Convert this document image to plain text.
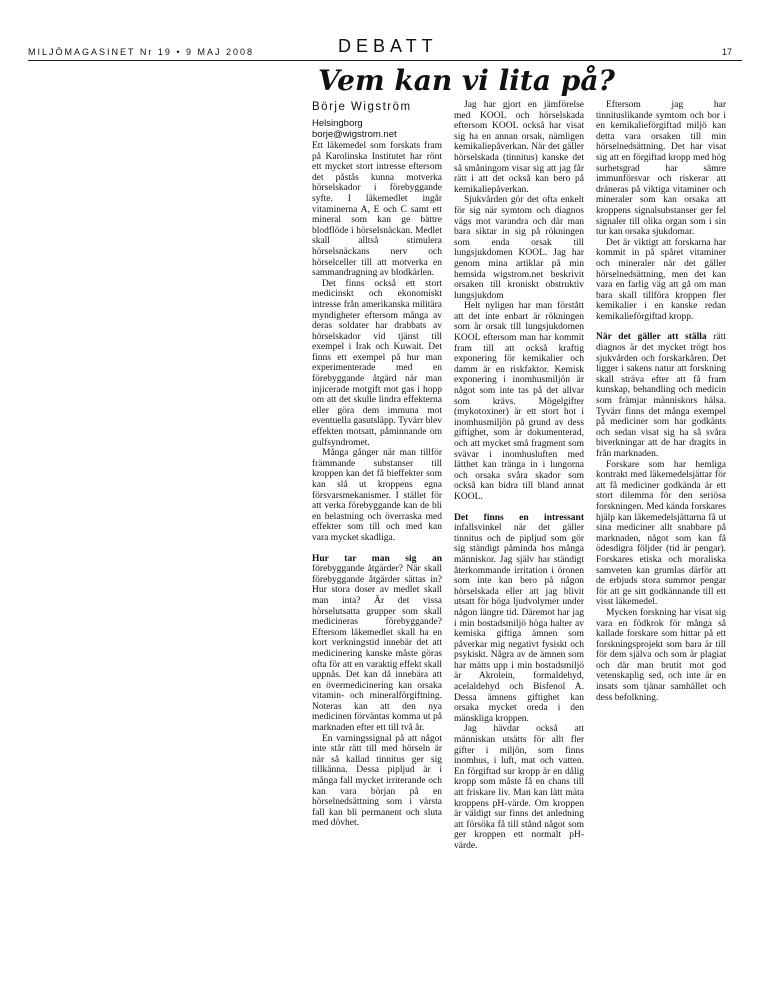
MILJÖMAGASINET Nr 19 • 9 MAJ 2008	DEBATT	17
Vem kan vi lita på?
Börje Wigström
Helsingborg
borje@wigstrom.net

Ett läkemedel som forskats fram på Karolinska Institutet har rönt ett mycket stort intresse eftersom det påstås kunna motverka hörselskador i förebyggande syfte. I läkemedlet ingår vitaminerna A, E och C samt ett mineral som kan ge bättre blodflöde i hörselsnäckan. Medlet skall alltså stimulera hörselsnäckans nerv och hörselceller till att motverka en sammandragning av blodkärlen.

Det finns också ett stort medicinskt och ekonomiskt intresse från amerikanska militära myndigheter eftersom många av deras soldater har drabbats av hörselskador vid tjänst till exempel i Irak och Kuwait. Det finns ett exempel på hur man experimenterade med en förebyggande åtgärd när man injicerade motgift mot gas i hopp om att det skulle lindra effekterna eller göra dem immuna mot eventuella gasutsläpp. Tyvärr blev effekten motsatt, påminnande om gulfsyndromet.

Många gånger när man tillför främmande substanser till kroppen kan det få bieffekter som kan slå ut kroppens egna försvarsmekanismer. I stället för att verka förebyggande kan de bli en belastning och överraska med effekter som till och med kan vara mycket skadliga.

Hur tar man sig an förebyggande åtgärder? När skall förebyggande åtgärder sättas in? Hur stora doser av medlet skall man inta? Är det vissa hörselutsatta grupper som skall medicineras förebyggande? Eftersom läkemedlet skall ha en kort verkningstid innebär det att medicinering kanske måste göras ofta för att en varaktig effekt skall uppnås. Det kan då innebära att en övermedicinering kan orsaka vitamin- och mineralförgiftning. Noteras kan att den nya medicinen förväntas komma ut på marknaden efter ett till två år.

En varningssignal på att något inte står rätt till med hörseln är när så kallad tinnitus ger sig tillkänna. Dessa pipljud är i många fall mycket irriterande och kan vara början på en hörselnedsättning som i värsta fall kan bli permanent och sluta med dövhet.

Jag har gjort en jämförelse med KOOL och hörselskada eftersom KOOL också har visat sig ha en annan orsak, nämligen kemikaliepåverkan. När det gäller hörselskada (tinnitus) kanske det så småningom visar sig att jag får rätt i att det också kan bero på kemikaliepåverkan.

Sjukvården gör det ofta enkelt för sig när symtom och diagnos vägs mot varandra och där man bara siktar in sig på rökningen som enda orsak till lungsjukdomen KOOL. Jag har genom mina artiklar på min hemsida wigstrom.net beskrivit orsaken till kroniskt obstruktiv lungsjukdom

Helt nyligen har man förstått att det inte enbart är rökningen som är orsak till lungsjukdomen KOOL eftersom man har kommit fram till att också kraftig exponering för kemikalier och damm är en riskfaktor. Kemisk exponering i inomhusmiljön är något som inte tas på det allvar som krävs. Mögelgifter (mykotoxiner) är ett stort hot i inomhusmiljön på grund av dess giftighet, som är dokumenterad, och att mycket små fragment som svävar i inomhusluften med lätthet kan tränga in i lungorna och orsaka svåra skador som också kan bidra till bland annat KOOL.

Det finns en intressant infallsvinkel när det gäller tinnitus och de pipljud som gör sig ständigt påminda hos många människor. Jag själv har ständigt återkommande irritation i öronen som inte kan bero på någon hörselskada eller att jag blivit utsatt för höga ljudvolymer under någon längre tid. Däremot har jag i min bostadsmiljö höga halter av kemiska giftiga ämnen som påverkar mig negativt fysiskt och psykiskt. Några av de ämnen som har mätts upp i min bostadsmiljö är Akrolein, formaldehyd, acelaldehyd och Bisfenol A. Dessa ämnens giftighet kan orsaka mycket oreda i den mänskliga kroppen.

Jag hävdar också att människan utsätts för allt fler gifter i miljön, som finns inomhus, i luft, mat och vatten. En förgiftad sur kropp är en dålig kropp som måste få en chans till att friskare liv. Man kan lätt mäta kroppens pH-värde. Om kroppen är väldigt sur finns det anledning att försöka få till stånd något som ger kroppen ett normalt pH-värde.

Eftersom jag har tinnituslikande symtom och bor i en kemikalieförgiftad miljö kan detta vara orsaken till min hörselnedsättning. Det har visat sig att en förgiftad kropp med hög surhetsgrad har sämre immunförsvar och riskerar att dräneras på viktiga vitaminer och mineraler som kan orsaka att kroppens signalsubstanser ger fel signaler till olika organ som i sin tur kan orsaka sjukdomar.

Det är viktigt att forskarna har kommit in på spåret vitaminer och mineraler när det gäller hörselnedsättning, men det kan vara en farlig väg att gå om man bara skall tillföra kroppen fler kemikalier i en kanske redan kemikalieförgiftad kropp.

När det gäller att ställa rätt diagnos är det mycket trögt hos sjukvården och forskarkåren. Det ligger i sakens natur att forskning skall sträva efter att få fram kunskap, behandling och medicin som främjar människors hälsa. Tyvärr finns det många exempel på mediciner som har godkänts och sedan visat sig ha så svåra biverkningar att de har dragits in från marknaden.

Forskare som har hemliga kontrakt med läkemedelsjättar för att få mediciner godkända är ett stort dilemma för den seriösa forskningen. Med kända forskares hjälp kan läkemedelsjättarna få ut sina mediciner allt snabbare på marknaden, något som kan få ödesdigra följder (tid är pengar). Forskares etiska och moraliska samveten kan grumlas därför att de erbjuds stora summor pengar för att ge sitt godkännande till ett visst läkemedel.

Mycken forskning har visat sig vara en födkrok för många så kallade forskare som hittar på ett forskningsprojekt som bara är till för dem själva och som är plagiat och där man brutit mot god vetenskaplig sed, och inte är en insats som tjänar samhället och dess befolkning.
